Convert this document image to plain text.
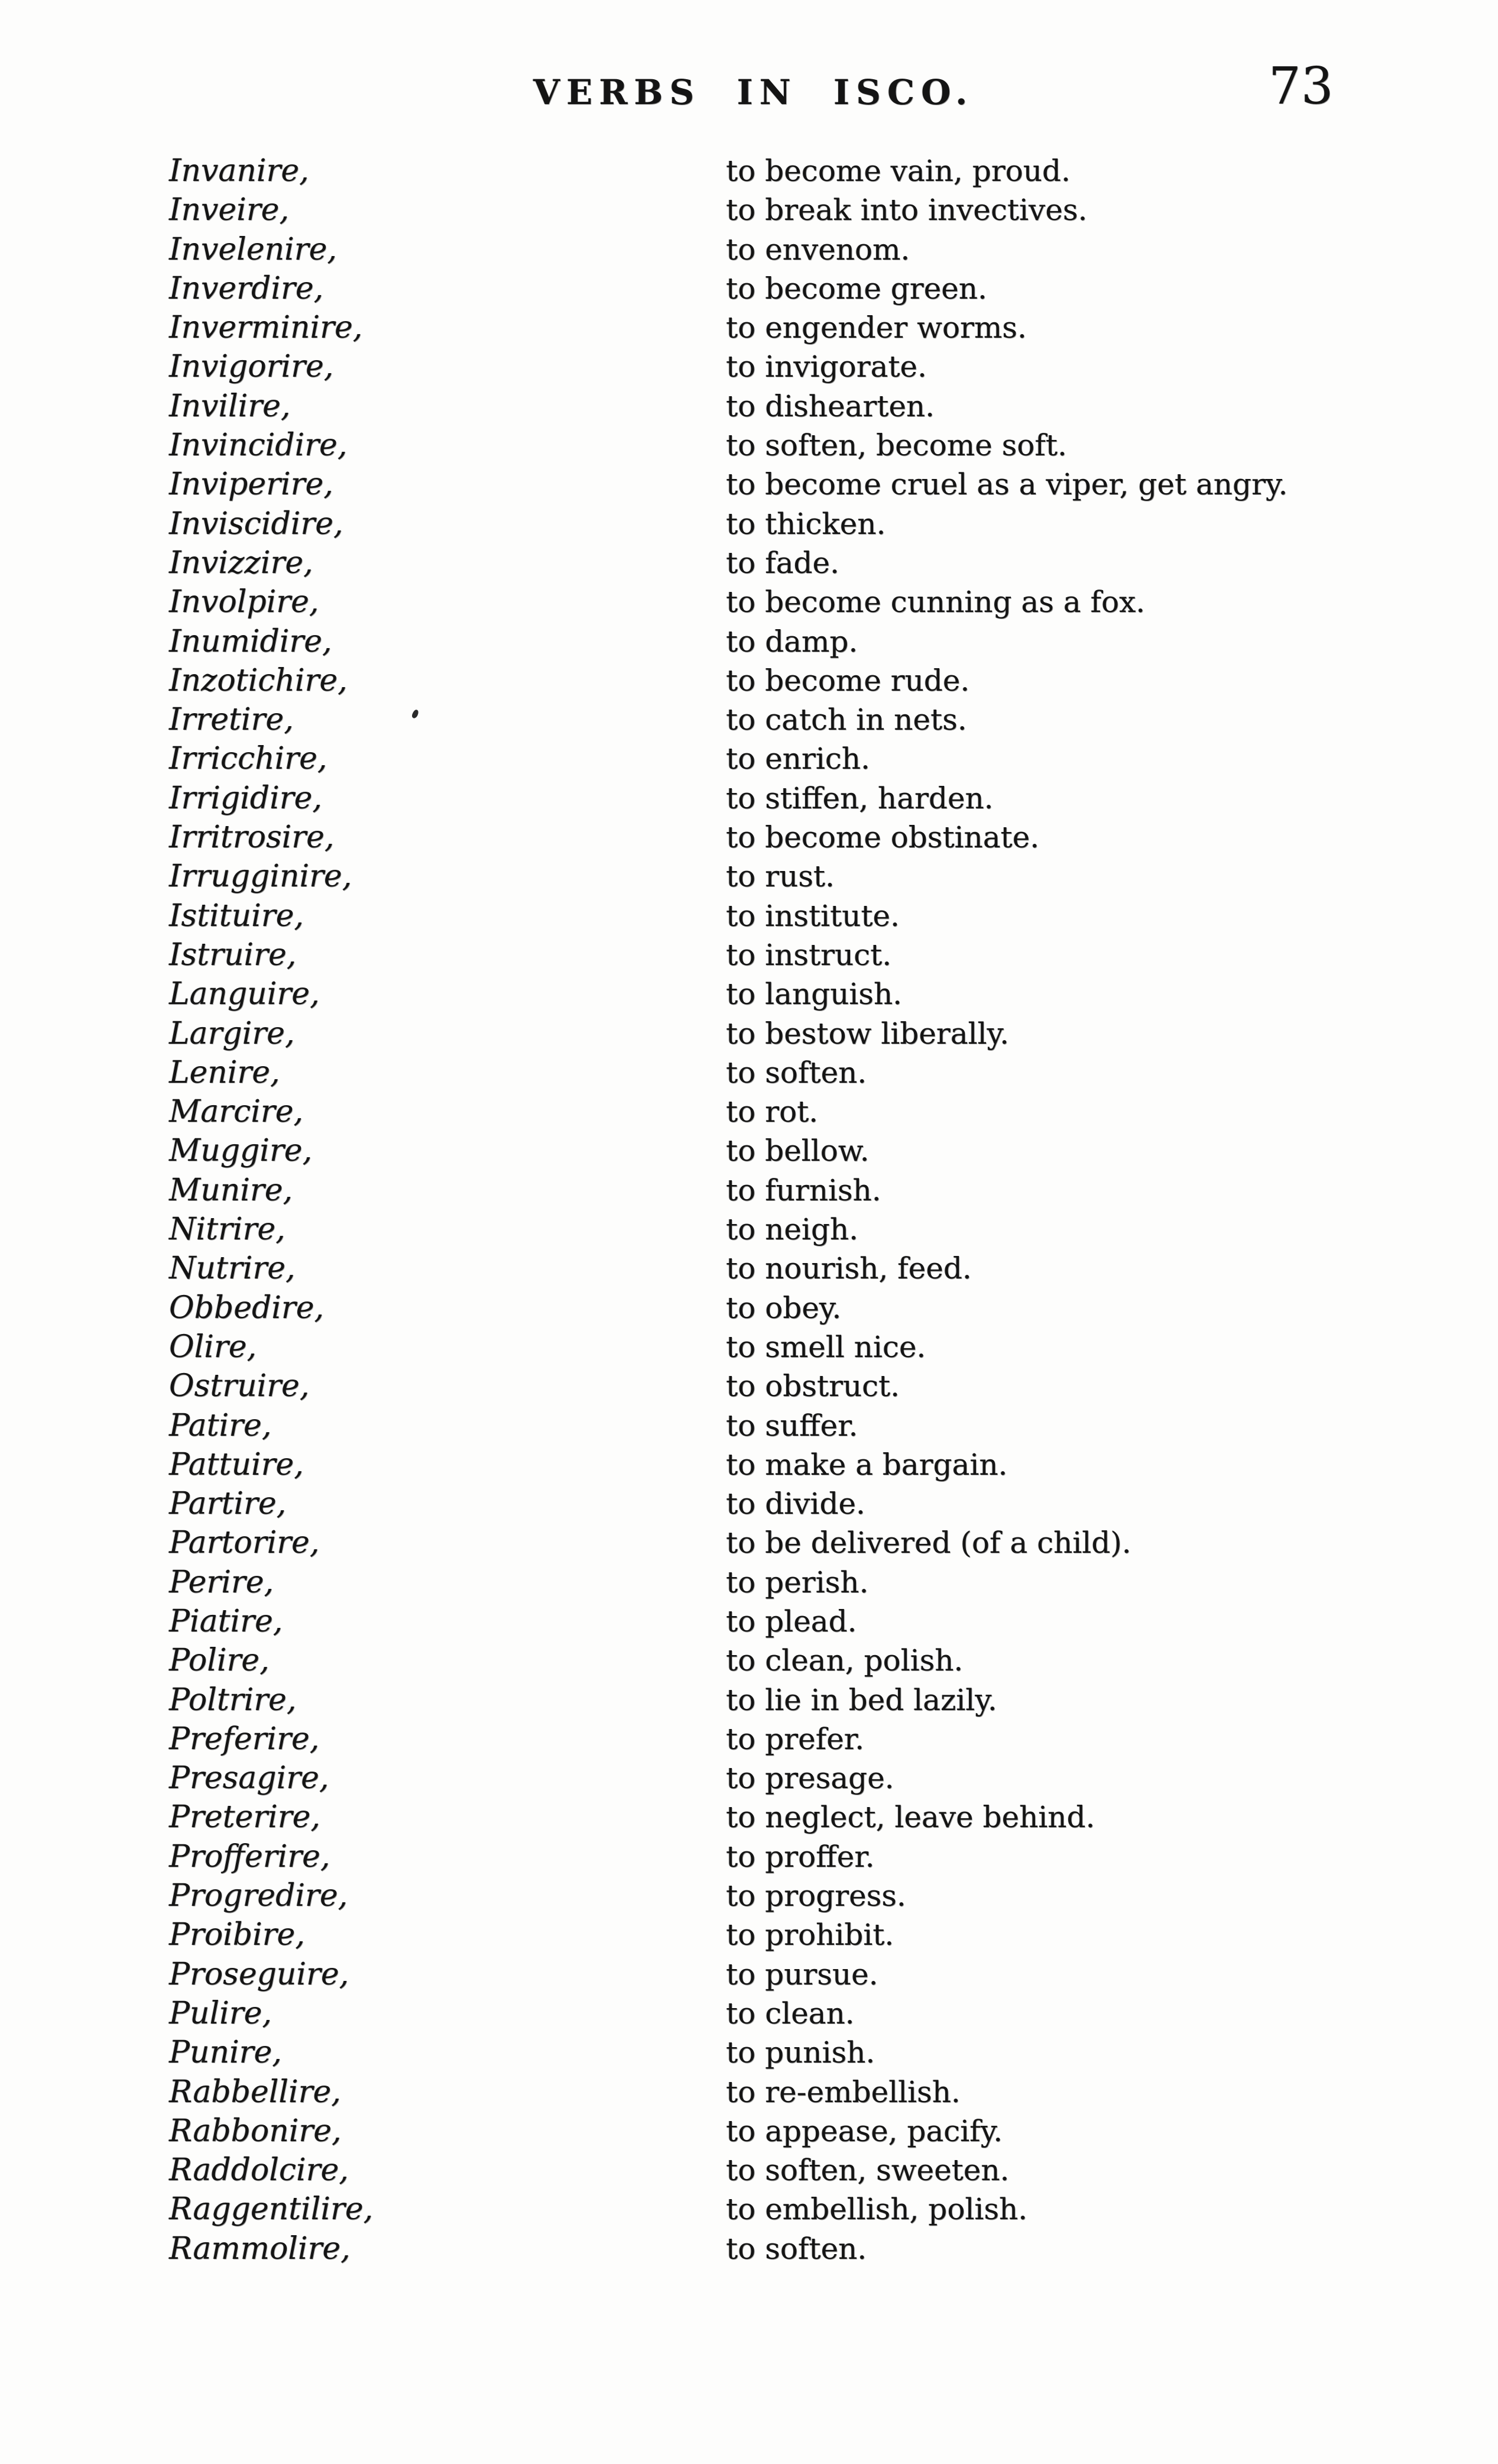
VERBS IN ISCO.	73
Invanire,	to become vain, proud.
Inveire,	to break into invectives.
Invelenire,	to envenom.
Inverdire,	to become green.
Inverminire,	to engender worms.
Invigorire,	to invigorate.
Invilire,	to dishearten.
Invincidire,	to soften, become soft.
Inviperire,	to become cruel as a viper, get angry.
Inviscidire,	to thicken.
Invizzire,	to fade.
Involpire,	to become cunning as a fox.
Inumidire,	to damp.
Inzotichire,	to become rude.
Irretire,	to catch in nets.
Irricchire,	to enrich.
Irrigidire,	to stiffen, harden.
Irritrosire,	to become obstinate.
Irrugginire,	to rust.
Istituire,	to institute.
Istruire,	to instruct.
Languire,	to languish.
Largire,	to bestow liberally.
Lenire,	to soften.
Marcire,	to rot.
Muggire,	to bellow.
Munire,	to furnish.
Nitrire,	to neigh.
Nutrire,	to nourish, feed.
Obbedire,	to obey.
Olire,	to smell nice.
Ostruire,	to obstruct.
Patire,	to suffer.
Pattuire,	to make a bargain.
Partire,	to divide.
Partorire,	to be delivered (of a child).
Perire,	to perish.
Piatire,	to plead.
Polire,	to clean, polish.
Poltrire,	to lie in bed lazily.
Preferire,	to prefer.
Presagire,	to presage.
Preterire,	to neglect, leave behind.
Profferire,	to proffer.
Progredire,	to progress.
Proibire,	to prohibit.
Proseguire,	to pursue.
Pulire,	to clean.
Punire,	to punish.
Rabbellire,	to re-embellish.
Rabbonire,	to appease, pacify.
Raddolcire,	to soften, sweeten.
Raggentilire,	to embellish, polish.
Rammolire,	to soften.
